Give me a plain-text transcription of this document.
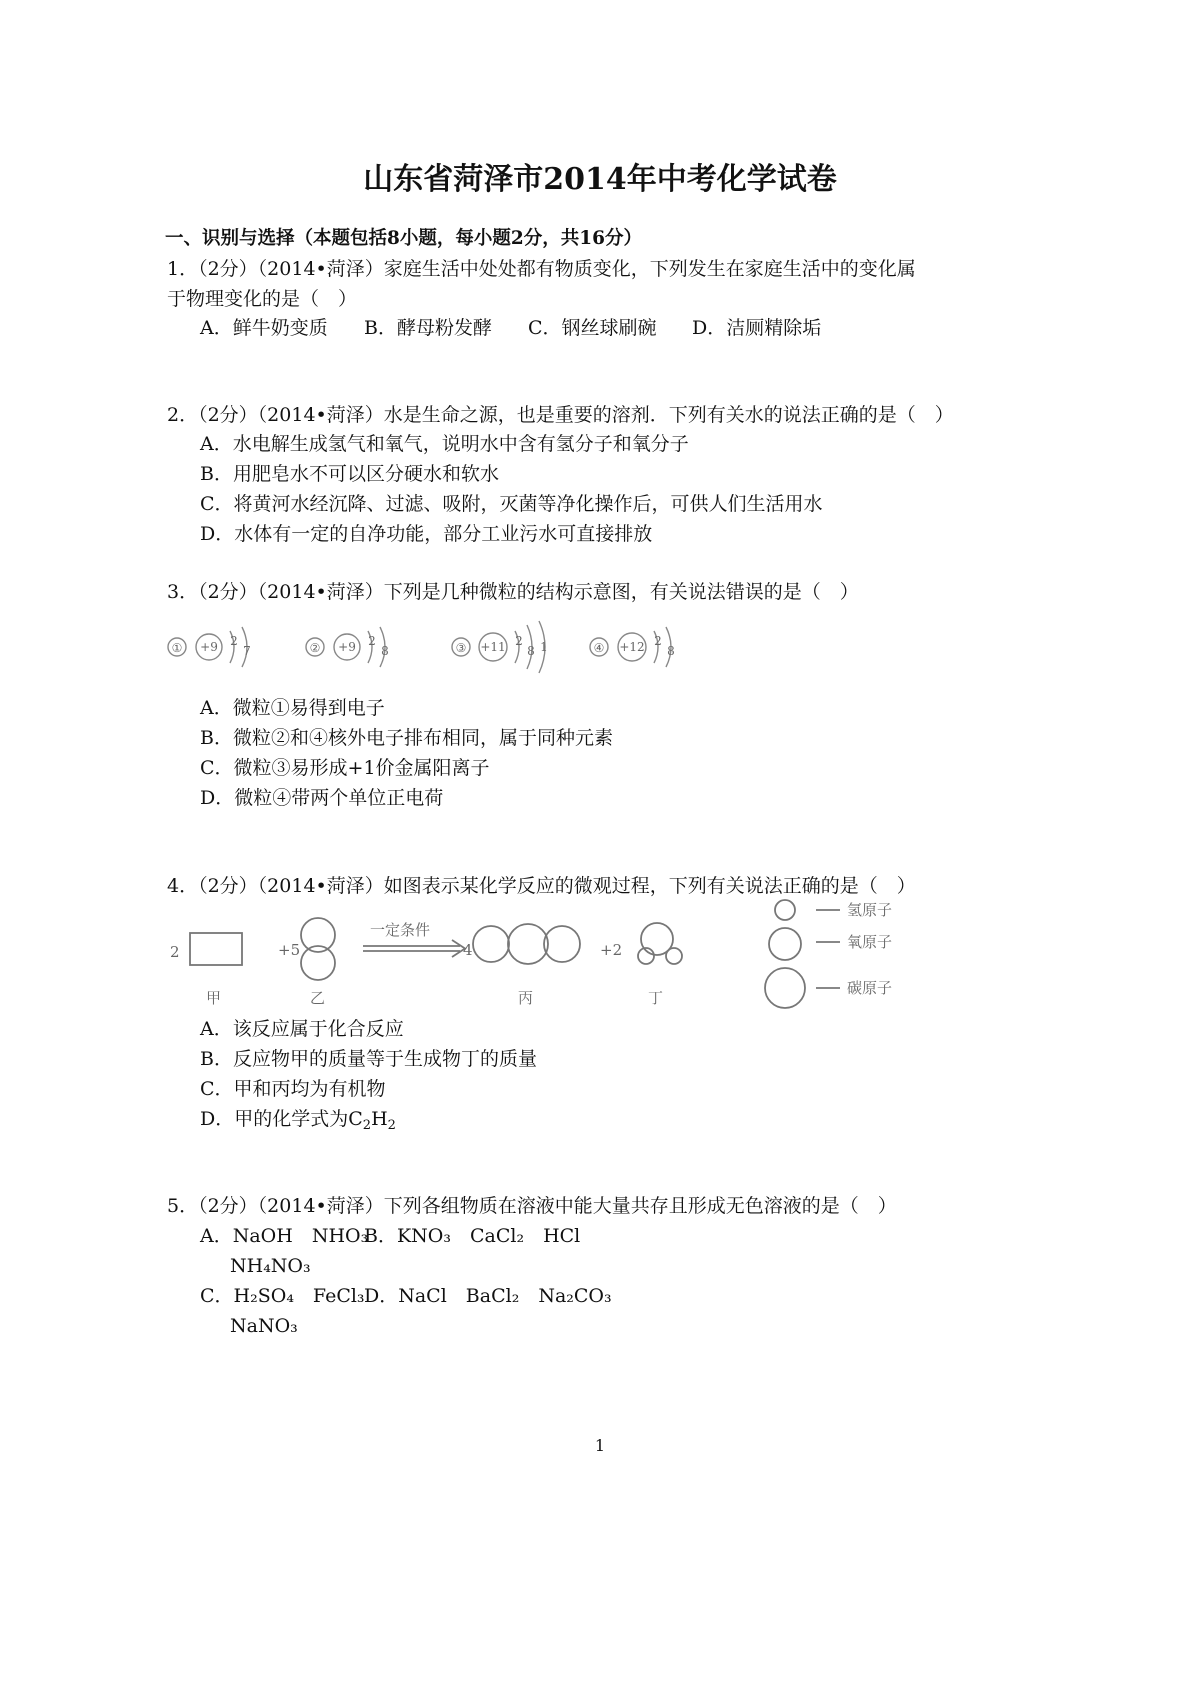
山东省菏泽市2014年中考化学试卷
一、识别与选择（本题包括8小题，每小题2分，共16分）
1．（2分）（2014•菏泽）家庭生活中处处都有物质变化，下列发生在家庭生活中的变化属
于物理变化的是（　）
A．鲜牛奶变质 B．酵母粉发酵 C．钢丝球刷碗 D．洁厕精除垢
2．（2分）（2014•菏泽）水是生命之源，也是重要的溶剂．下列有关水的说法正确的是（　）
A．水电解生成氢气和氧气，说明水中含有氢分子和氧分子
B．用肥皂水不可以区分硬水和软水
C．将黄河水经沉降、过滤、吸附，灭菌等净化操作后，可供人们生活用水
D．水体有一定的自净功能，部分工业污水可直接排放
3．（2分）（2014•菏泽）下列是几种微粒的结构示意图，有关说法错误的是（　）
① +9 2
7	② +9 2
8	③ +11 2
8 1	④ +12 2
8
A．微粒①易得到电子
B．微粒②和④核外电子排布相同，属于同种元素
C．微粒③易形成+1价金属阳离子
D．微粒④带两个单位正电荷
4．（2分）（2014•菏泽）如图表示某化学反应的微观过程，下列有关说法正确的是（　）
2	+5
一定条件
4	+2
甲	乙	丙	丁
氢原子
氧原子
碳原子
A．该反应属于化合反应
B．反应物甲的质量等于生成物丁的质量
C．甲和丙均为有机物
D．甲的化学式为$C_2H_2$
5．（2分）（2014•菏泽）下列各组物质在溶液中能大量共存且形成无色溶液的是（　）
A．NaOH　NHO₃
B．KNO₃　CaCl₂　HCl
NH₄NO₃
C．H₂SO₄　FeCl₃ D．NaCl　BaCl₂　Na₂CO₃
NaNO₃
1
